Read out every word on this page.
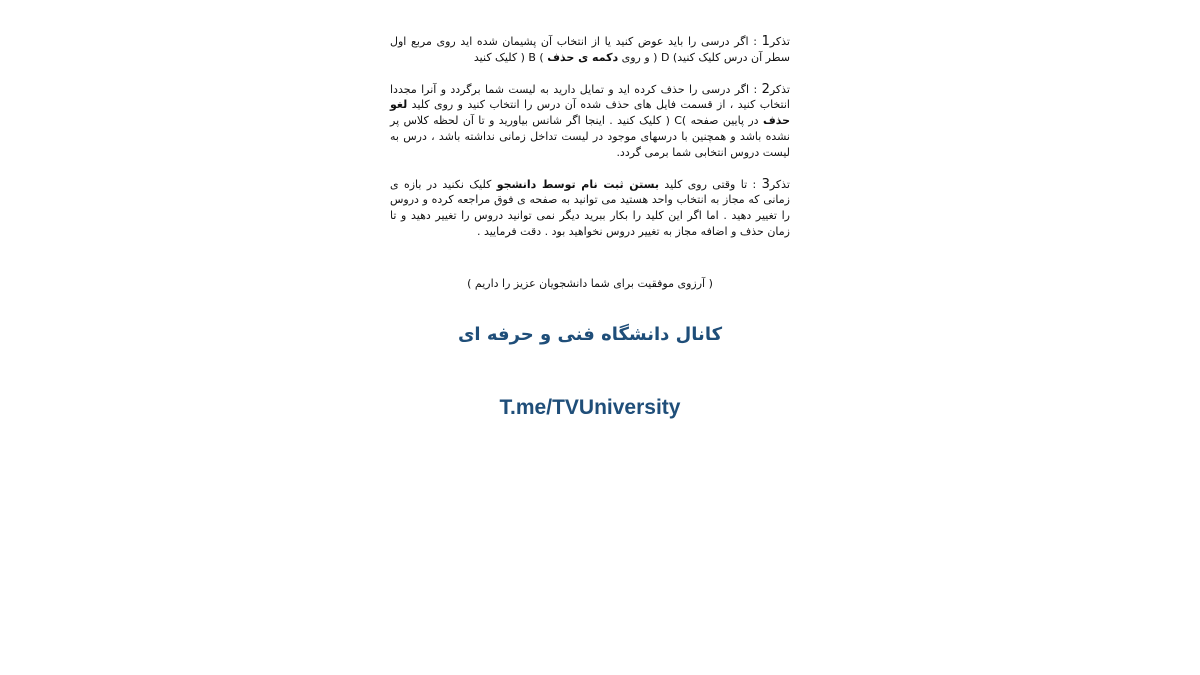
تذکر1 : اگر درسی را باید عوض کنید یا از انتخاب آن پشیمان شده اید روی مربع اول سطر آن درس کلیک کنید) D ( و روی دکمه ی حذف ) B ( کلیک کنید

تذکر2 : اگر درسی را حذف کرده اید و تمایل دارید به لیست شما برگردد و آنرا مجددا انتخاب کنید ، از قسمت فایل های حذف شده آن درس را انتخاب کنید و روی کلید لغو حذف در پایین صفحه )C ( کلیک کنید . اینجا اگر شانس بیاورید و تا آن لحظه کلاس پر نشده باشد و همچنین با درسهای موجود در لیست تداخل زمانی نداشته باشد ، درس به لیست دروس انتخابی شما برمی گردد.

تذکر3 : تا وقتی روی کلید بستن ثبت نام توسط دانشجو کلیک نکنید در بازه ی زمانی که مجاز به انتخاب واحد هستید می توانید به صفحه ی فوق مراجعه کرده و دروس را تغییر دهید . اما اگر این کلید را بکار ببرید دیگر نمی توانید دروس را تغییر دهید و تا زمان حذف و اضافه مجاز به تغییر دروس نخواهید بود . دقت فرمایید .

( آرزوی موفقیت برای شما دانشجویان عزیز را داریم )
کانال دانشگاه فنی و حرفه ای
T.me/TVUniversity
